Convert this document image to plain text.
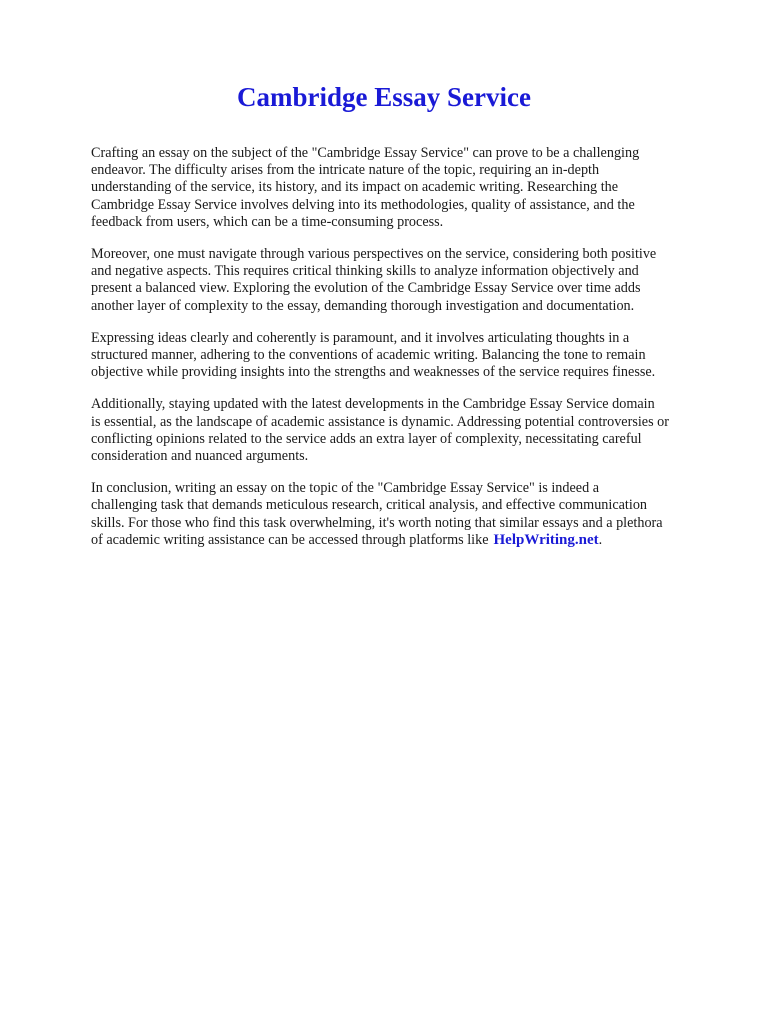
Cambridge Essay Service

Crafting an essay on the subject of the "Cambridge Essay Service" can prove to be a challenging
endeavor. The difficulty arises from the intricate nature of the topic, requiring an in-depth
understanding of the service, its history, and its impact on academic writing. Researching the
Cambridge Essay Service involves delving into its methodologies, quality of assistance, and the
feedback from users, which can be a time-consuming process.

Moreover, one must navigate through various perspectives on the service, considering both positive
and negative aspects. This requires critical thinking skills to analyze information objectively and
present a balanced view. Exploring the evolution of the Cambridge Essay Service over time adds
another layer of complexity to the essay, demanding thorough investigation and documentation.

Expressing ideas clearly and coherently is paramount, and it involves articulating thoughts in a
structured manner, adhering to the conventions of academic writing. Balancing the tone to remain
objective while providing insights into the strengths and weaknesses of the service requires finesse.

Additionally, staying updated with the latest developments in the Cambridge Essay Service domain
is essential, as the landscape of academic assistance is dynamic. Addressing potential controversies or
conflicting opinions related to the service adds an extra layer of complexity, necessitating careful
consideration and nuanced arguments.

In conclusion, writing an essay on the topic of the "Cambridge Essay Service" is indeed a
challenging task that demands meticulous research, critical analysis, and effective communication
skills. For those who find this task overwhelming, it's worth noting that similar essays and a plethora
of academic writing assistance can be accessed through platforms like HelpWriting.net.
